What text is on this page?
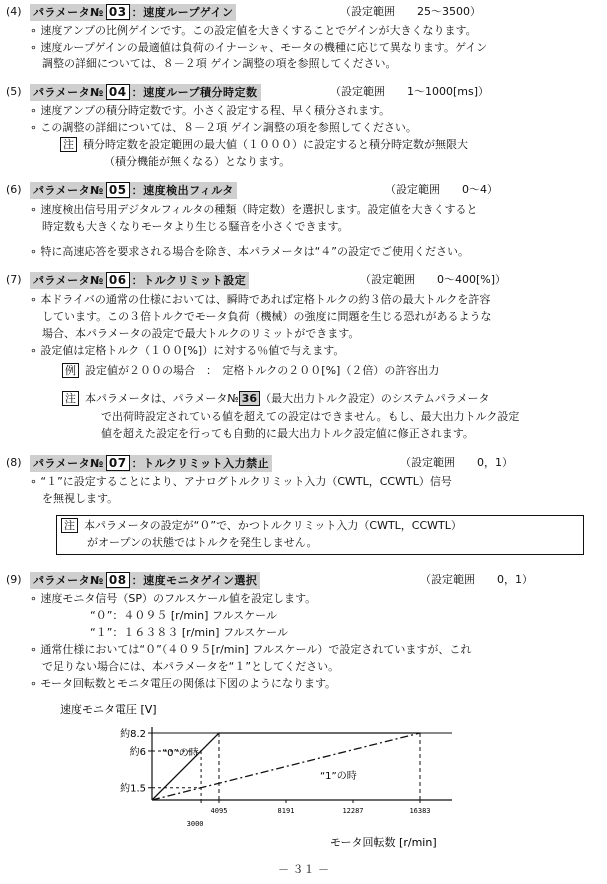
(4) パラメータ№ 03 ：速度ループゲイン	（設定範囲　　25～3500）
∘ 速度アンプの比例ゲインです。この設定値を大きくすることでゲインが大きくなります。
∘ 速度ループゲインの最適値は負荷のイナーシャ、モータの機種に応じて異なります。ゲイン
調整の詳細については、８－２項 ゲイン調整の項を参照してください。
(5) パラメータ№ 04 ：速度ループ積分時定数	（設定範囲　　1～1000[ms]）
∘ 速度アンプの積分時定数です。小さく設定する程、早く積分されます。
∘ この調整の詳細については、８－２項 ゲイン調整の項を参照してください。
注 積分時定数を設定範囲の最大値（１０００）に設定すると積分時定数が無限大
（積分機能が無くなる）となります。
(6) パラメータ№ 05 ：速度検出フィルタ	（設定範囲　　0～4）
∘ 速度検出信号用デジタルフィルタの種類（時定数）を選択します。設定値を大きくすると
時定数も大きくなりモータより生じる騒音を小さくできます。
∘ 特に高速応答を要求される場合を除き、本パラメータは“４”の設定でご使用ください。
(7) パラメータ№ 06 ：トルクリミット設定	（設定範囲　　0～400[%]）
∘ 本ドライバの通常の仕様においては、瞬時であれば定格トルクの約３倍の最大トルクを許容
しています。この３倍トルクでモータ負荷（機械）の強度に問題を生じる恐れがあるような
場合、本パラメータの設定で最大トルクのリミットができます。
∘ 設定値は定格トルク（１００[%]）に対する％値で与えます。
例 設定値が２００の場合　：　定格トルクの２００[%]（２倍）の許容出力
注 本パラメータは、パラメータ№ 36 （最大出力トルク設定）のシステムパラメータ
で出荷時設定されている値を超えての設定はできません。もし、最大出力トルク設定
値を超えた設定を行っても自動的に最大出力トルク設定値に修正されます。
(8) パラメータ№ 07 ：トルクリミット入力禁止	（設定範囲　　0，1）
∘ “１”に設定することにより、アナログトルクリミット入力（CWTL，CCWTL）信号
を無視します。
注 本パラメータの設定が“０”で、かつトルクリミット入力（CWTL，CCWTL）
がオープンの状態ではトルクを発生しません。
(9) パラメータ№ 08 ：速度モニタゲイン選択	（設定範囲　　0，1）
∘ 速度モニタ信号（SP）のフルスケール値を設定します。
“０”：４０９５ [r/min] フルスケール
“１”：１６３８３ [r/min] フルスケール
∘ 通常仕様においては“０”（４０９５[r/min] フルスケール）で設定されていますが、これ
で足りない場合には、本パラメータを“１”としてください。
∘ モータ回転数とモニタ電圧の関係は下図のようになります。
速度モニタ電圧 [V]
モータ回転数 [r/min]
約1.5
約6
約8.2
3000
4095	8191	12287	16383
“0”の時
“1”の時
－ ３１ －
